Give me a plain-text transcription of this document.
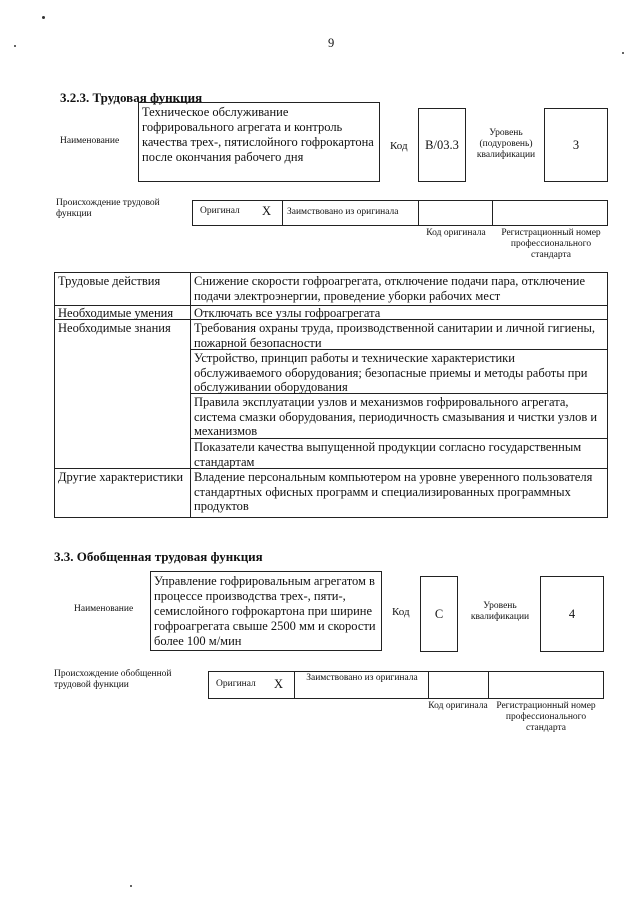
9
3.2.3. Трудовая функция
Наименование
Техническое обслуживание гофрировального агрегата и контроль качества трех-, пятислойного гофрокартона после окончания рабочего дня
Код B/03.3
Уровень (подуровень) квалификации
3
Происхождение трудовой функции	Оригинал X Заимствовано из оригинала
Код оригинала	Регистрационный номер профессионального стандарта
Трудовые действия	Снижение скорости гофроагрегата, отключение подачи пара, отключение подачи электроэнергии, проведение уборки рабочих мест
Необходимые умения	Отключать все узлы гофроагрегата
Необходимые знания	Требования охраны труда, производственной санитарии и личной гигиены, пожарной безопасности
Устройство, принцип работы и технические характеристики обслуживаемого оборудования; безопасные приемы и методы работы при обслуживании оборудования
Правила эксплуатации узлов и механизмов гофрировального агрегата, система смазки оборудования, периодичность смазывания и чистки узлов и механизмов
Показатели качества выпущенной продукции согласно государственным стандартам
Другие характеристики Владение персональным компьютером на уровне уверенного пользователя стандартных офисных программ и специализированных программных продуктов
3.3. Обобщенная трудовая функция
Наименование
Управление гофрировальным агрегатом в процессе производства трех-, пяти-, семислойного гофрокартона при ширине гофроагрегата свыше 2500 мм и скорости более 100 м/мин
Код C
Уровень квалификации	4
Происхождение обобщенной трудовой функции	Оригинал X	Заимствовано из оригинала
Код оригинала Регистрационный номер профессионального стандарта
